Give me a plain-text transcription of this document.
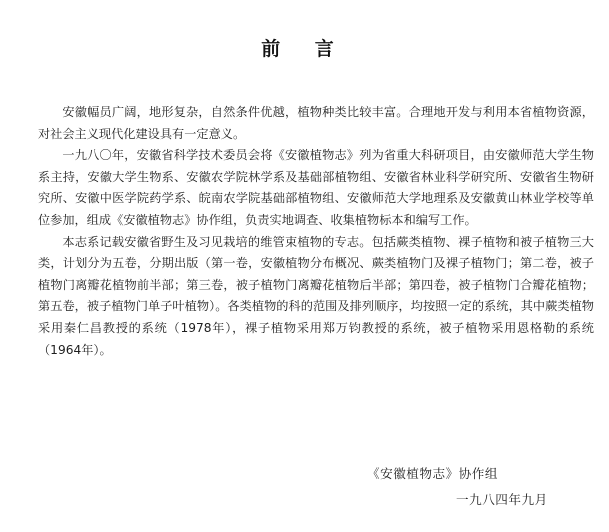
前 言

安徽幅员广阔，地形复杂，自然条件优越，植物种类比较丰富。合理地开发与利用本省植物资源，对社会主义现代化建设具有一定意义。

一九八〇年，安徽省科学技术委员会将《安徽植物志》列为省重大科研项目，由安徽师范大学生物系主持，安徽大学生物系、安徽农学院林学系及基础部植物组、安徽省林业科学研究所、安徽省生物研究所、安徽中医学院药学系、皖南农学院基础部植物组、安徽师范大学地理系及安徽黄山林业学校等单位参加，组成《安徽植物志》协作组，负责实地调查、收集植物标本和编写工作。

本志系记载安徽省野生及习见栽培的维管束植物的专志。包括蕨类植物、裸子植物和被子植物三大类，计划分为五卷，分期出版（第一卷，安徽植物分布概况、蕨类植物门及裸子植物门；第二卷，被子植物门离瓣花植物前半部；第三卷，被子植物门离瓣花植物后半部；第四卷，被子植物门合瓣花植物；第五卷，被子植物门单子叶植物）。各类植物的科的范围及排列顺序，均按照一定的系统，其中蕨类植物采用秦仁昌教授的系统（1978年），裸子植物采用郑万钧教授的系统，被子植物采用恩格勒的系统（1964年）。

《安徽植物志》协作组
一九八四年九月
